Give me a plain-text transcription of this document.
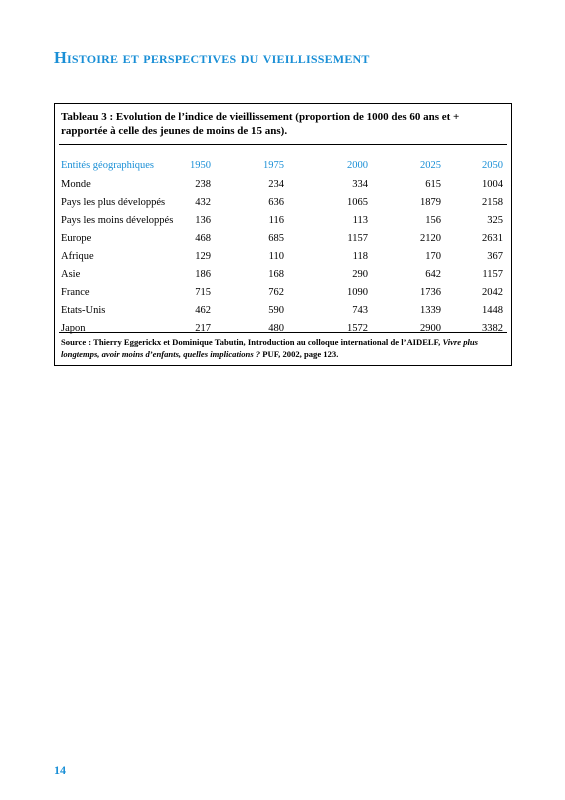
Histoire et perspectives du vieillissement
Tableau 3 : Evolution de l’indice de vieillissement (proportion de 1000 des 60 ans et + rapportée à celle des jeunes de moins de 15 ans).
Entités géographiques	1950	1975	2000	2025	2050
Monde	238	234	334	615	1004
Pays les plus développés	432	636	1065	1879	2158
Pays les moins développés	136	116	113	156	325
Europe	468	685	1157	2120	2631
Afrique	129	110	118	170	367
Asie	186	168	290	642	1157
France	715	762	1090	1736	2042
Etats-Unis	462	590	743	1339	1448
Japon	217	480	1572	2900	3382
Source : Thierry Eggerickx et Dominique Tabutin, Introduction au colloque international de l’AIDELF, Vivre plus longtemps, avoir moins d’enfants, quelles implications ? PUF, 2002, page 123.
14
